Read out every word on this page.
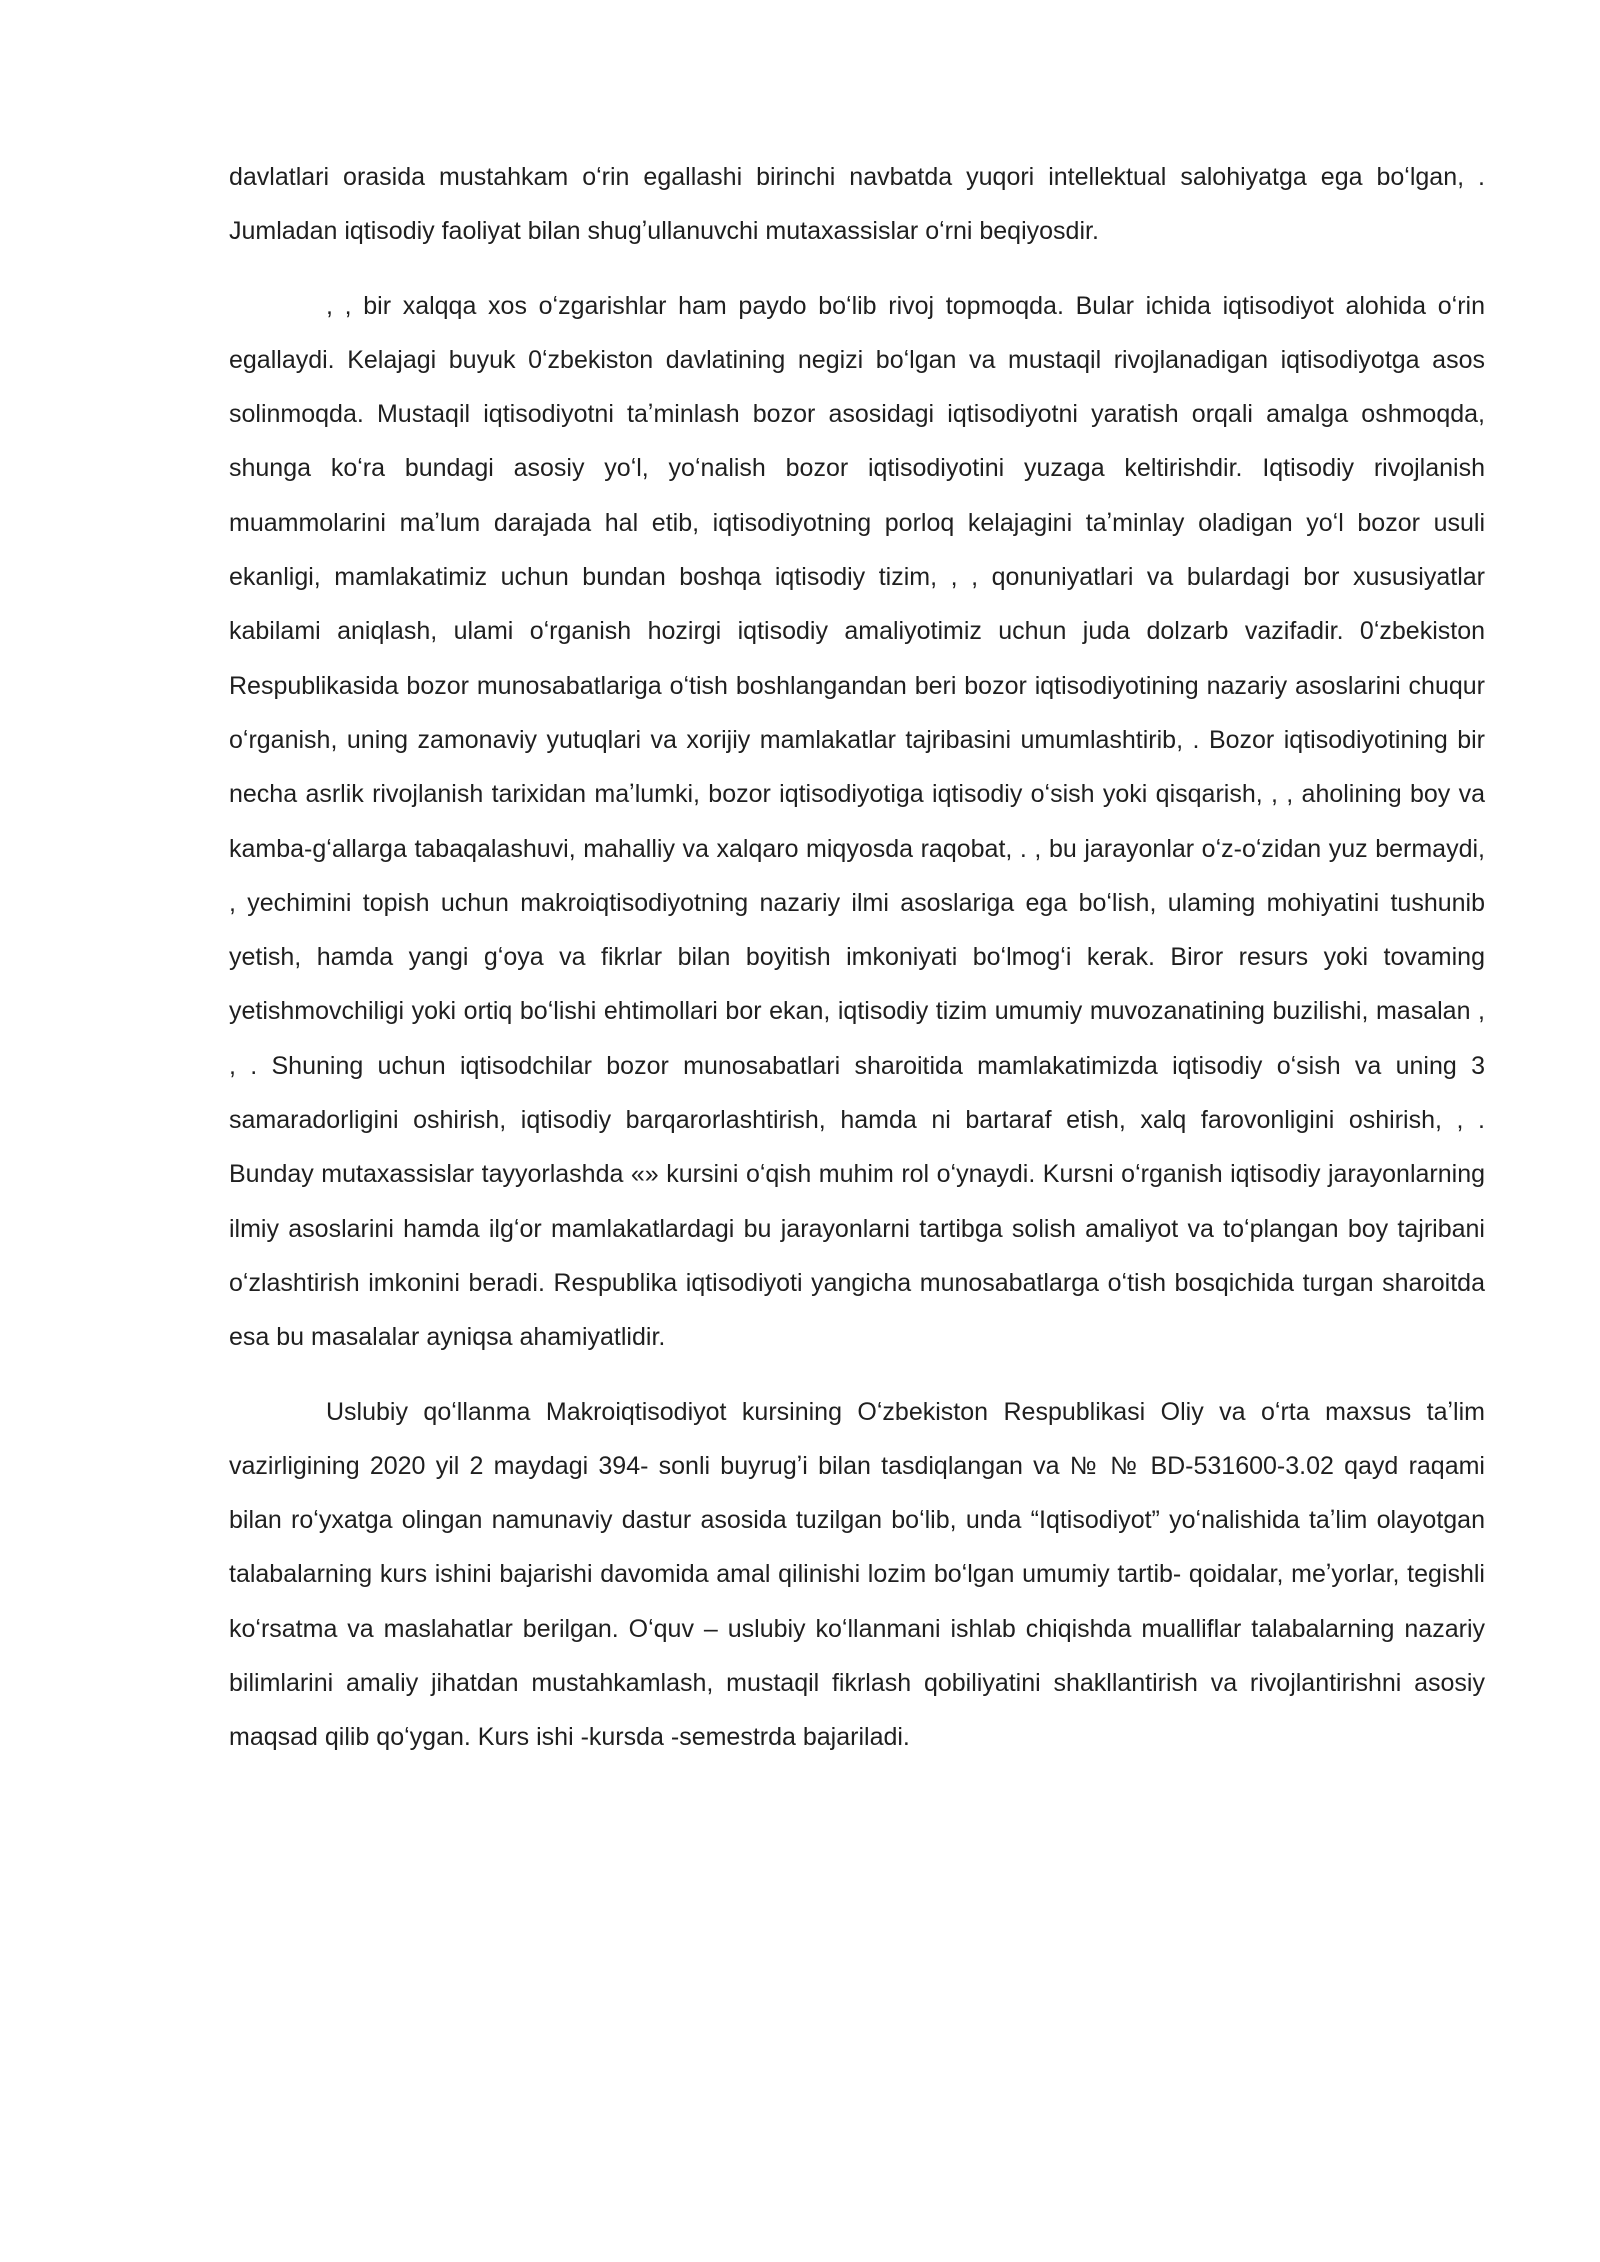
davlatlari orasida mustahkam oʻrin egallashi birinchi navbatda yuqori intellektual salohiyatga ega boʻlgan, . Jumladan iqtisodiy faoliyat bilan shugʼullanuvchi mutaxassislar oʻrni beqiyosdir.

, , bir xalqqa xos oʻzgarishlar ham paydo boʻlib rivoj topmoqda. Bular ichida iqtisodiyot alohida oʻrin egallaydi. Kelajagi buyuk 0ʻzbekiston davlatining negizi boʻlgan va mustaqil rivojlanadigan iqtisodiyotga asos solinmoqda. Mustaqil iqtisodiyotni taʼminlash bozor asosidagi iqtisodiyotni yaratish orqali amalga oshmoqda, shunga koʻra bundagi asosiy yoʻl, yoʻnalish bozor iqtisodiyotini yuzaga keltirishdir. Iqtisodiy rivojlanish muammolarini maʼlum darajada hal etib, iqtisodiyotning porloq kelajagini taʼminlay oladigan yoʻl bozor usuli ekanligi, mamlakatimiz uchun bundan boshqa iqtisodiy tizim, , , qonuniyatlari va bulardagi bor xususiyatlar kabilami aniqlash, ulami oʻrganish hozirgi iqtisodiy amaliyotimiz uchun juda dolzarb vazifadir. 0ʻzbekiston Respublikasida bozor munosabatlariga oʻtish boshlangandan beri bozor iqtisodiyotining nazariy asoslarini chuqur oʻrganish, uning zamonaviy yutuqlari va xorijiy mamlakatlar tajribasini umumlashtirib, . Bozor iqtisodiyotining bir necha asrlik rivojlanish tarixidan maʼlumki, bozor iqtisodiyotiga iqtisodiy oʻsish yoki qisqarish, , , aholining boy va kamba-gʻallarga tabaqalashuvi, mahalliy va xalqaro miqyosda raqobat, . , bu jarayonlar oʻz-oʻzidan yuz bermaydi, , yechimini topish uchun makroiqtisodiyotning nazariy ilmi asoslariga ega boʻlish, ulaming mohiyatini tushunib yetish, hamda yangi gʻoya va fikrlar bilan boyitish imkoniyati boʻlmogʻi kerak. Biror resurs yoki tovaming yetishmovchiligi yoki ortiq boʻlishi ehtimollari bor ekan, iqtisodiy tizim umumiy muvozanatining buzilishi, masalan , , . Shuning uchun iqtisodchilar bozor munosabatlari sharoitida mamlakatimizda iqtisodiy oʻsish va uning 3 samaradorligini oshirish, iqtisodiy barqarorlashtirish, hamda ni bartaraf etish, xalq farovonligini oshirish, , . Bunday mutaxassislar tayyorlashda «» kursini oʻqish muhim rol oʻynaydi. Kursni oʻrganish iqtisodiy jarayonlarning ilmiy asoslarini hamda ilgʻor mamlakatlardagi bu jarayonlarni tartibga solish amaliyot va toʻplangan boy tajribani oʻzlashtirish imkonini beradi. Respublika iqtisodiyoti yangicha munosabatlarga oʻtish bosqichida turgan sharoitda esa bu masalalar ayniqsa ahamiyatlidir.

Uslubiy qoʻllanma Makroiqtisodiyot kursining Oʻzbekiston Respublikasi Oliy va oʻrta maxsus taʼlim vazirligining 2020 yil 2 maydagi 394- sonli buyrugʼi bilan tasdiqlangan va № № BD-531600-3.02 qayd raqami bilan roʻyxatga olingan namunaviy dastur asosida tuzilgan boʻlib, unda “Iqtisodiyot” yoʻnalishida taʼlim olayotgan talabalarning kurs ishini bajarishi davomida amal qilinishi lozim boʻlgan umumiy tartib- qoidalar, meʼyorlar, tegishli koʻrsatma va maslahatlar berilgan. Oʻquv – uslubiy koʻllanmani ishlab chiqishda mualliflar talabalarning nazariy bilimlarini amaliy jihatdan mustahkamlash, mustaqil fikrlash qobiliyatini shakllantirish va rivojlantirishni asosiy maqsad qilib qoʻygan. Kurs ishi -kursda -semestrda bajariladi.
